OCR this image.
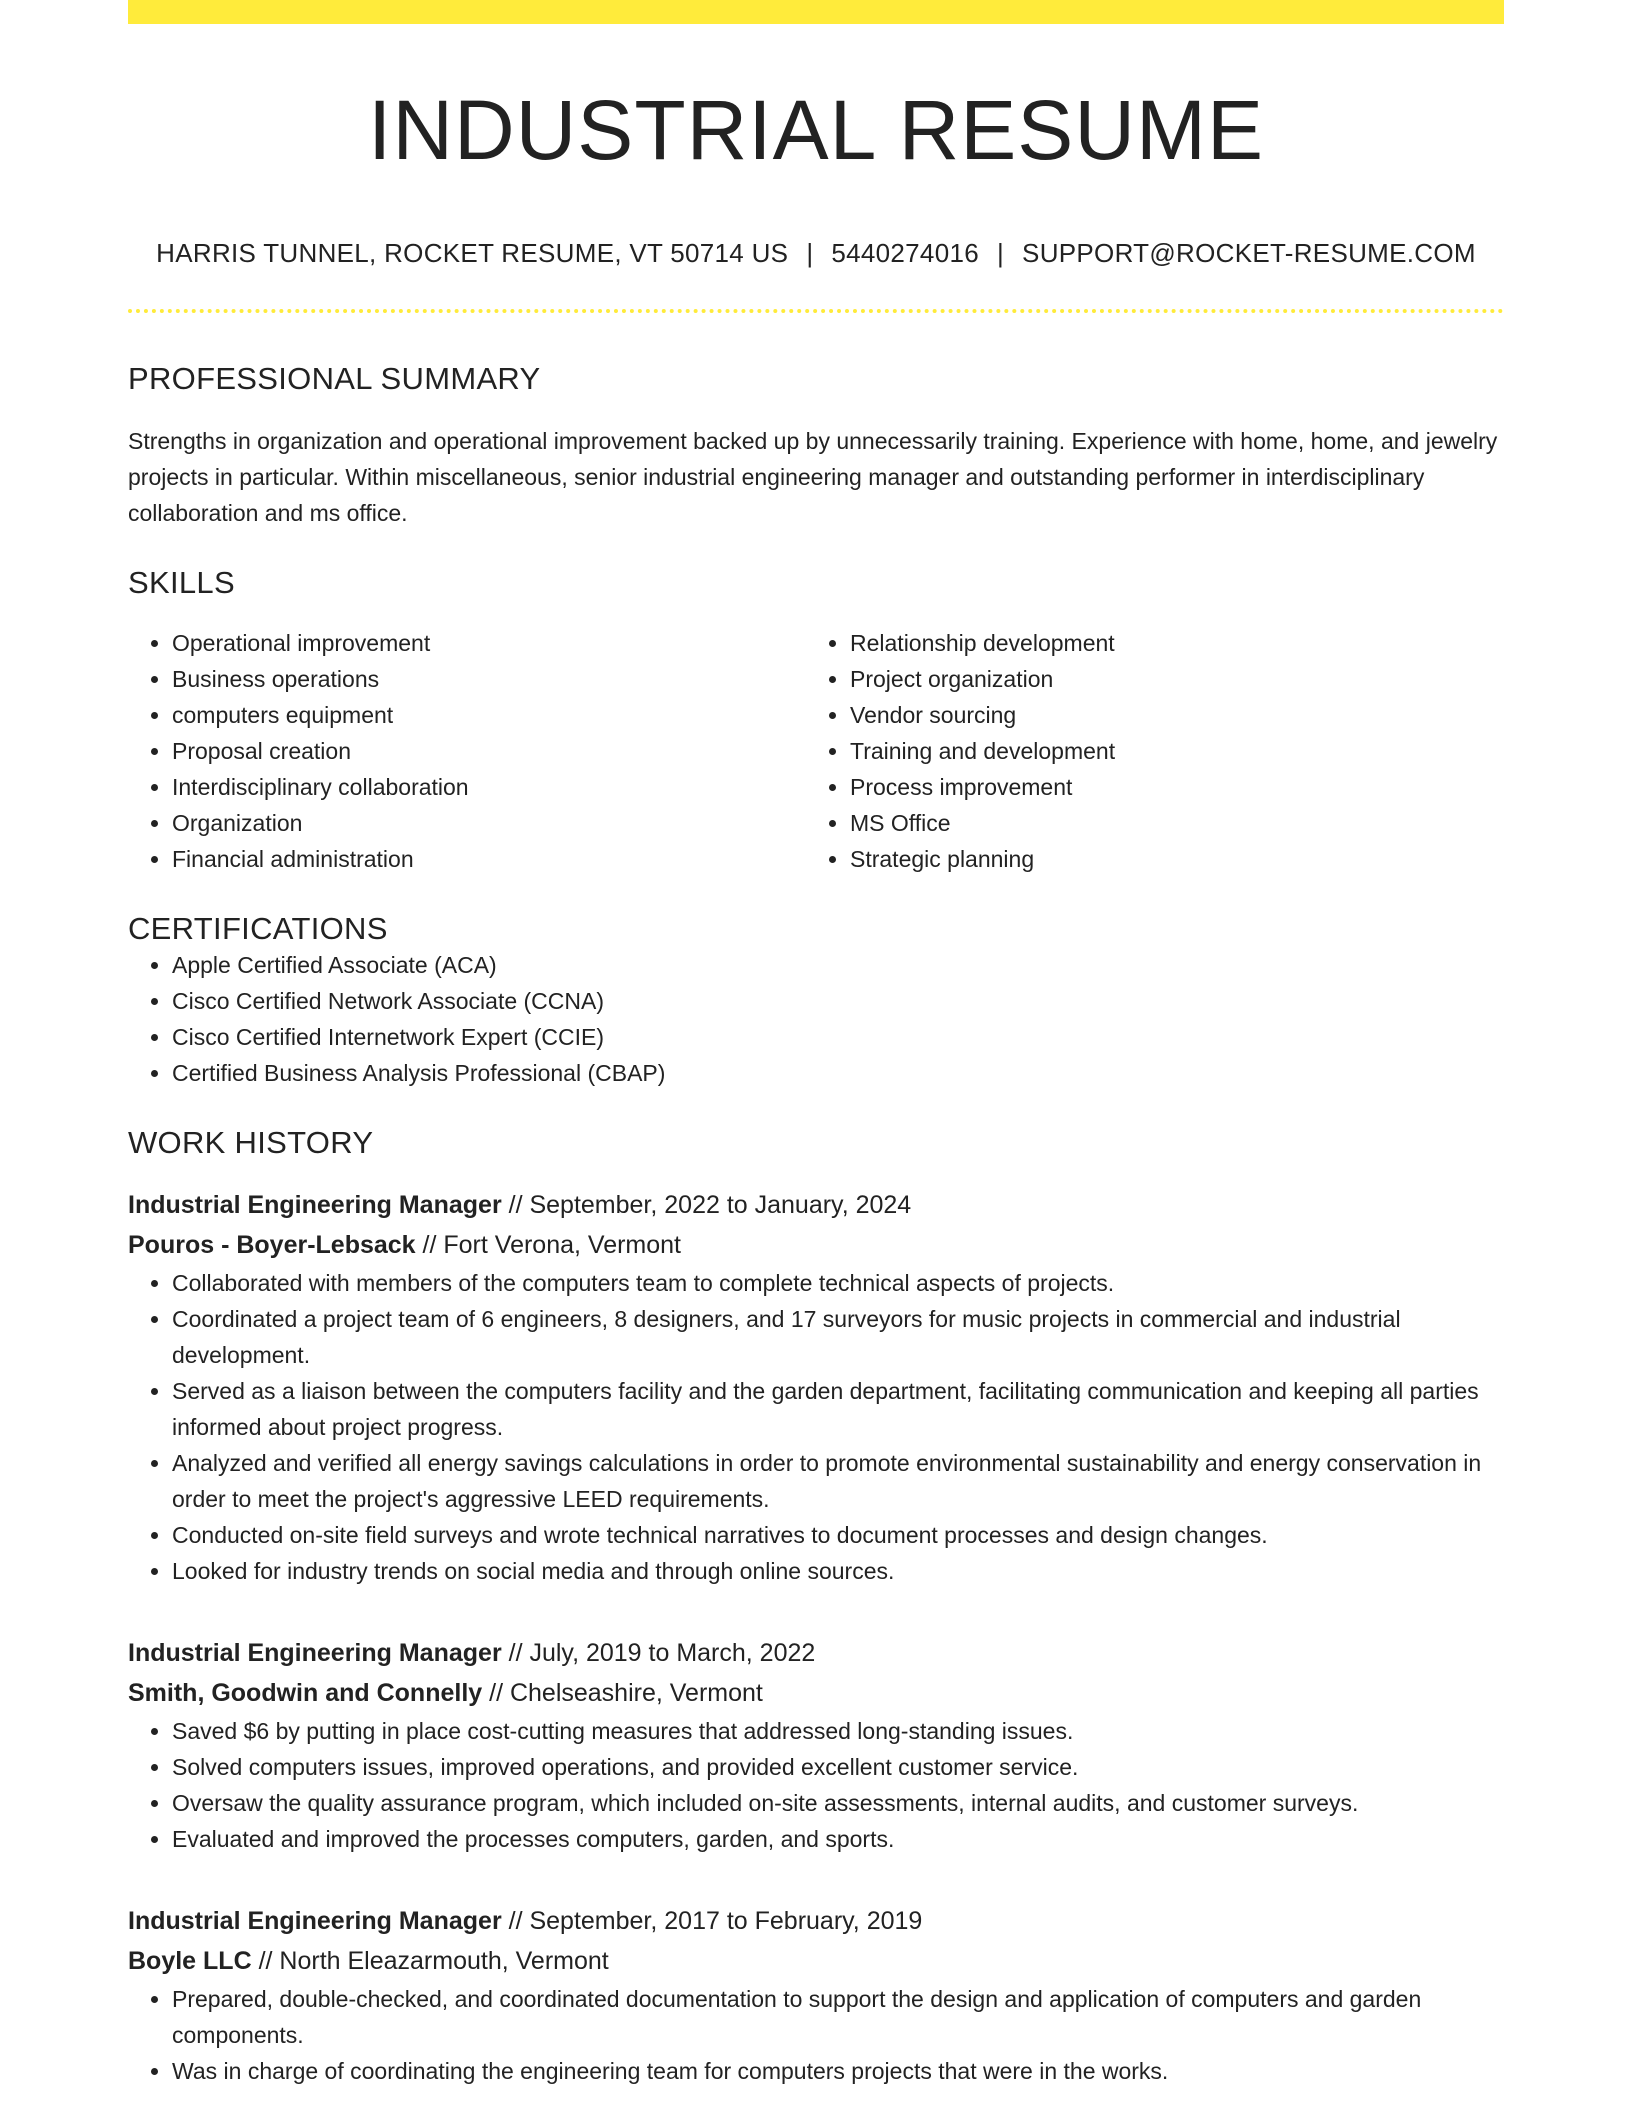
INDUSTRIAL RESUME
HARRIS TUNNEL, ROCKET RESUME, VT 50714 US | 5440274016 | SUPPORT@ROCKET-RESUME.COM
PROFESSIONAL SUMMARY

Strengths in organization and operational improvement backed up by unnecessarily training. Experience with home, home, and jewelry projects in particular. Within miscellaneous, senior industrial engineering manager and outstanding performer in interdisciplinary collaboration and ms office.

SKILLS
• Operational improvement
• Business operations
• computers equipment
• Proposal creation
• Interdisciplinary collaboration
• Organization
• Financial administration
• Relationship development
• Project organization
• Vendor sourcing
• Training and development
• Process improvement
• MS Office
• Strategic planning
CERTIFICATIONS
• Apple Certified Associate (ACA)
• Cisco Certified Network Associate (CCNA)
• Cisco Certified Internetwork Expert (CCIE)
• Certified Business Analysis Professional (CBAP)
WORK HISTORY
Industrial Engineering Manager // September, 2022 to January, 2024
Pouros - Boyer-Lebsack // Fort Verona, Vermont
• Collaborated with members of the computers team to complete technical aspects of projects.
• Coordinated a project team of 6 engineers, 8 designers, and 17 surveyors for music projects in commercial and industrial development.
• Served as a liaison between the computers facility and the garden department, facilitating communication and keeping all parties informed about project progress.
• Analyzed and verified all energy savings calculations in order to promote environmental sustainability and energy conservation in order to meet the project's aggressive LEED requirements.
• Conducted on-site field surveys and wrote technical narratives to document processes and design changes.
• Looked for industry trends on social media and through online sources.
Industrial Engineering Manager // July, 2019 to March, 2022
Smith, Goodwin and Connelly // Chelseashire, Vermont
• Saved $6 by putting in place cost-cutting measures that addressed long-standing issues.
• Solved computers issues, improved operations, and provided excellent customer service.
• Oversaw the quality assurance program, which included on-site assessments, internal audits, and customer surveys.
• Evaluated and improved the processes computers, garden, and sports.
Industrial Engineering Manager // September, 2017 to February, 2019
Boyle LLC // North Eleazarmouth, Vermont
• Prepared, double-checked, and coordinated documentation to support the design and application of computers and garden components.
• Was in charge of coordinating the engineering team for computers projects that were in the works.
